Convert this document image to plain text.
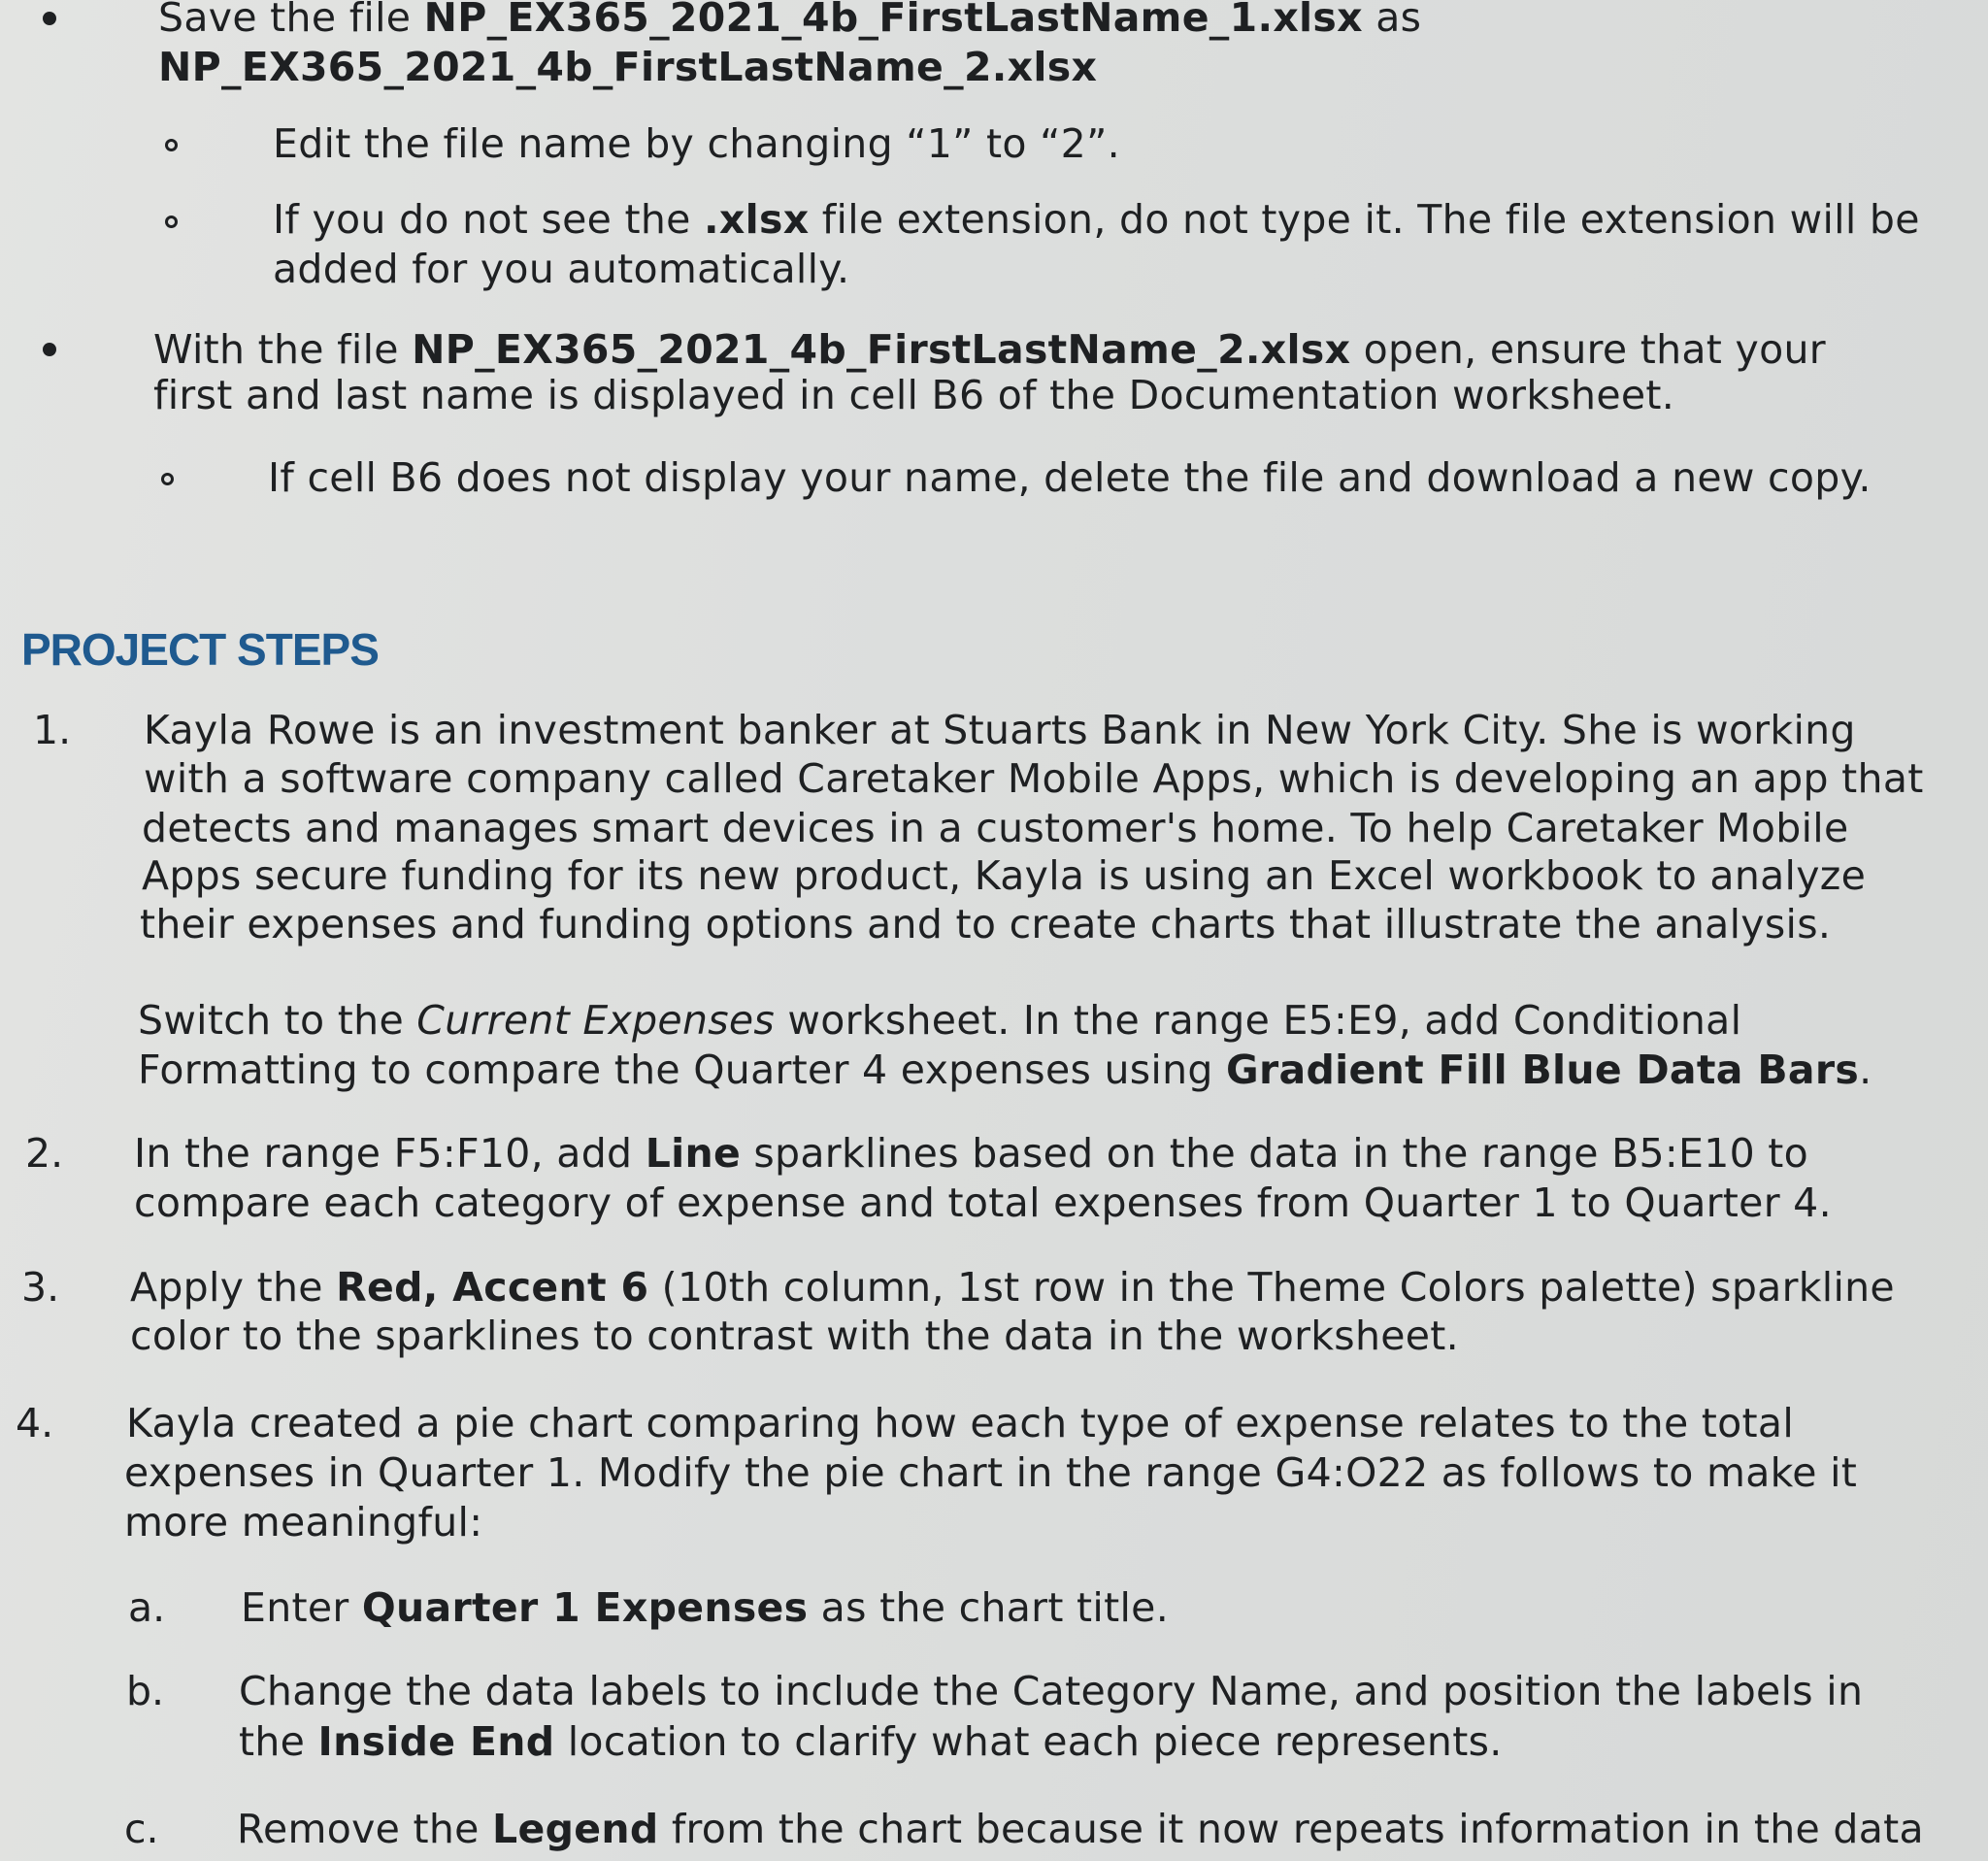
Save the file NP_EX365_2021_4b_FirstLastName_1.xlsx as

NP_EX365_2021_4b_FirstLastName_2.xlsx

Edit the file name by changing “1” to “2”.

If you do not see the .xlsx file extension, do not type it. The file extension will be

added for you automatically.

With the file NP_EX365_2021_4b_FirstLastName_2.xlsx open, ensure that your

first and last name is displayed in cell B6 of the Documentation worksheet.

If cell B6 does not display your name, delete the file and download a new copy.

PROJECT STEPS

1. Kayla Rowe is an investment banker at Stuarts Bank in New York City. She is working

with a software company called Caretaker Mobile Apps, which is developing an app that

detects and manages smart devices in a customer's home. To help Caretaker Mobile

Apps secure funding for its new product, Kayla is using an Excel workbook to analyze

their expenses and funding options and to create charts that illustrate the analysis.

Switch to the Current Expenses worksheet. In the range E5:E9, add Conditional

Formatting to compare the Quarter 4 expenses using Gradient Fill Blue Data Bars.

2. In the range F5:F10, add Line sparklines based on the data in the range B5:E10 to

compare each category of expense and total expenses from Quarter 1 to Quarter 4.

3. Apply the Red, Accent 6 (10th column, 1st row in the Theme Colors palette) sparkline

color to the sparklines to contrast with the data in the worksheet.

4. Kayla created a pie chart comparing how each type of expense relates to the total

expenses in Quarter 1. Modify the pie chart in the range G4:O22 as follows to make it

more meaningful:

a. Enter Quarter 1 Expenses as the chart title.

b. Change the data labels to include the Category Name, and position the labels in

the Inside End location to clarify what each piece represents.

c. Remove the Legend from the chart because it now repeats information in the data
